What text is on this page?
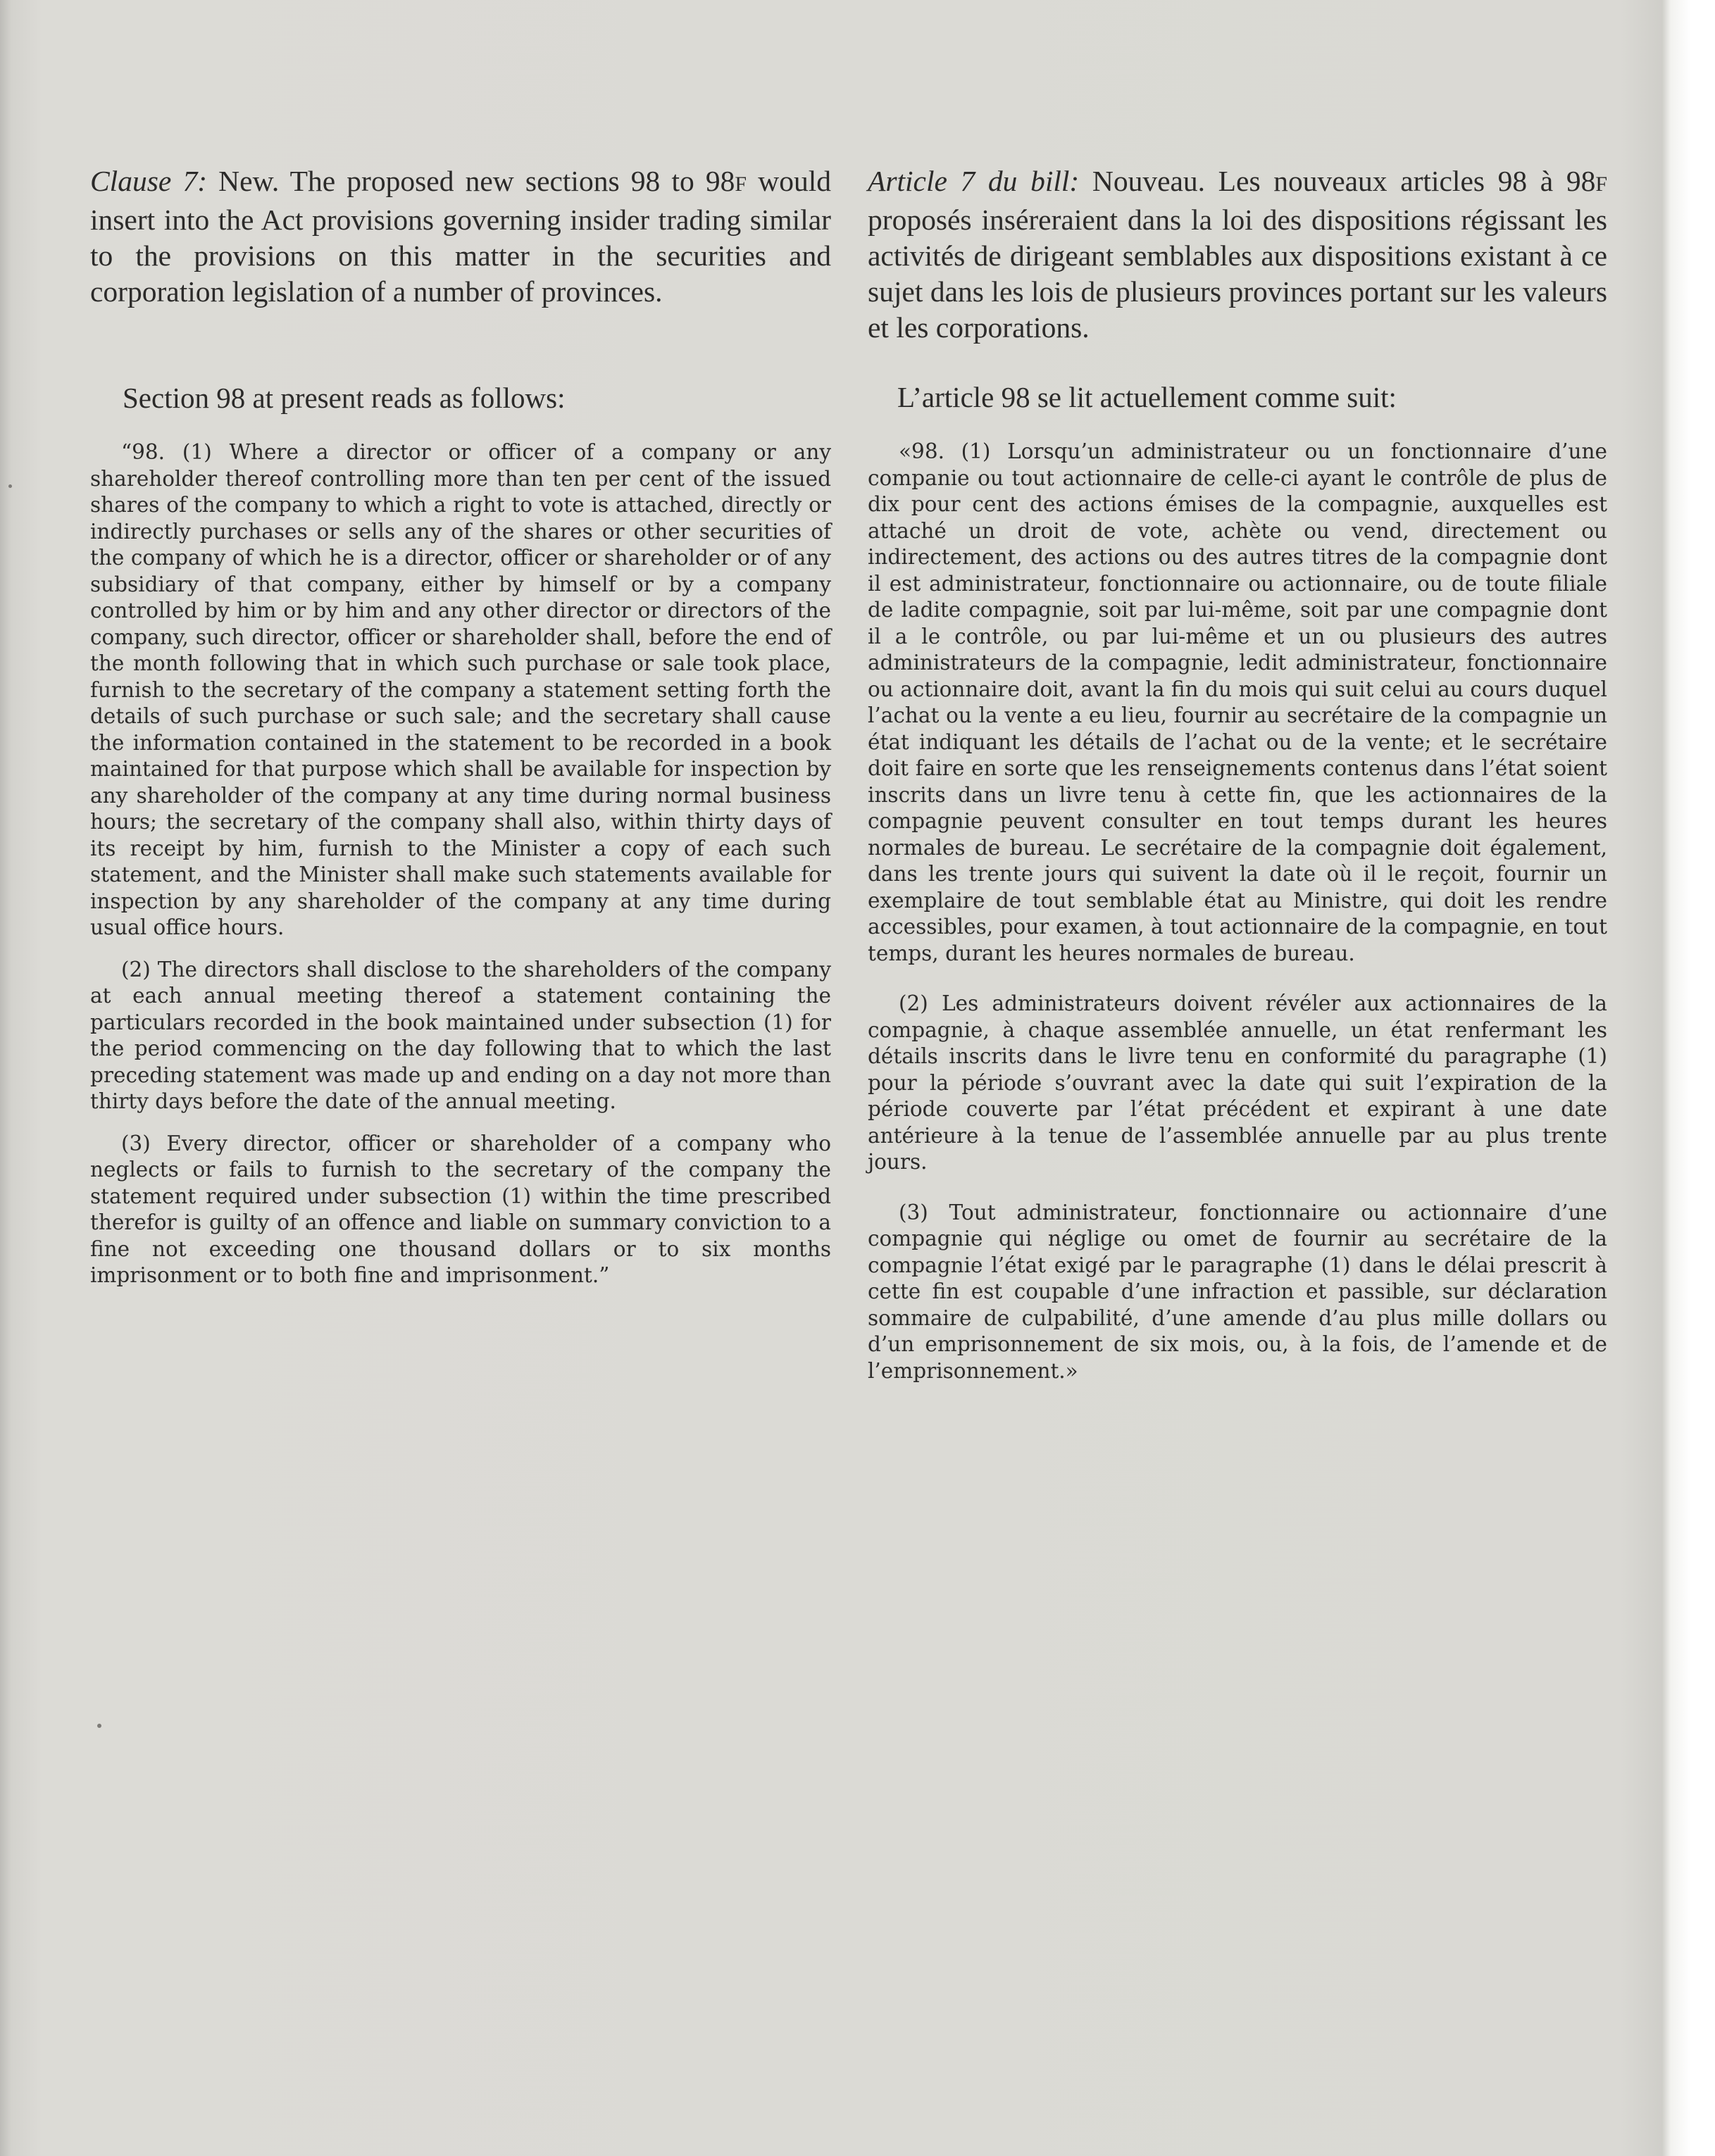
Clause 7: New. The proposed new sections 98 to 98F would insert into the Act provisions governing insider trading similar to the provisions on this matter in the securities and corporation legislation of a number of provinces.

Section 98 at present reads as follows:

“98. (1) Where a director or officer of a company or any shareholder thereof controlling more than ten per cent of the issued shares of the company to which a right to vote is attached, directly or indirectly purchases or sells any of the shares or other securities of the company of which he is a director, officer or shareholder or of any subsidiary of that company, either by himself or by a company controlled by him or by him and any other director or directors of the company, such director, officer or shareholder shall, before the end of the month following that in which such purchase or sale took place, furnish to the secretary of the company a statement setting forth the details of such purchase or such sale; and the secretary shall cause the information contained in the statement to be recorded in a book maintained for that purpose which shall be available for inspection by any shareholder of the company at any time during normal business hours; the secretary of the company shall also, within thirty days of its receipt by him, furnish to the Minister a copy of each such statement, and the Minister shall make such statements available for inspection by any shareholder of the company at any time during usual office hours.

(2) The directors shall disclose to the shareholders of the company at each annual meeting thereof a statement containing the particulars recorded in the book maintained under subsection (1) for the period commencing on the day following that to which the last preceding statement was made up and ending on a day not more than thirty days before the date of the annual meeting.

(3) Every director, officer or shareholder of a company who neglects or fails to furnish to the secretary of the company the statement required under subsection (1) within the time prescribed therefor is guilty of an offence and liable on summary conviction to a fine not exceeding one thousand dollars or to six months imprisonment or to both fine and imprisonment.”

Article 7 du bill: Nouveau. Les nouveaux articles 98 à 98F proposés inséreraient dans la loi des dispositions régissant les activités de dirigeant semblables aux dispositions existant à ce sujet dans les lois de plusieurs provinces portant sur les valeurs et les corporations.

L’article 98 se lit actuellement comme suit:

«98. (1) Lorsqu’un administrateur ou un fonctionnaire d’une companie ou tout actionnaire de celle-ci ayant le contrôle de plus de dix pour cent des actions émises de la compagnie, auxquelles est attaché un droit de vote, achète ou vend, directement ou indirectement, des actions ou des autres titres de la compagnie dont il est administrateur, fonctionnaire ou actionnaire, ou de toute filiale de ladite compagnie, soit par lui-même, soit par une compagnie dont il a le contrôle, ou par lui-même et un ou plusieurs des autres administrateurs de la compagnie, ledit administrateur, fonctionnaire ou actionnaire doit, avant la fin du mois qui suit celui au cours duquel l’achat ou la vente a eu lieu, fournir au secrétaire de la compagnie un état indiquant les détails de l’achat ou de la vente; et le secrétaire doit faire en sorte que les renseignements contenus dans l’état soient inscrits dans un livre tenu à cette fin, que les actionnaires de la compagnie peuvent consulter en tout temps durant les heures normales de bureau. Le secrétaire de la compagnie doit également, dans les trente jours qui suivent la date où il le reçoit, fournir un exemplaire de tout semblable état au Ministre, qui doit les rendre accessibles, pour examen, à tout actionnaire de la compagnie, en tout temps, durant les heures normales de bureau.

(2) Les administrateurs doivent révéler aux actionnaires de la compagnie, à chaque assemblée annuelle, un état renfermant les détails inscrits dans le livre tenu en conformité du paragraphe (1) pour la période s’ouvrant avec la date qui suit l’expiration de la période couverte par l’état précédent et expirant à une date antérieure à la tenue de l’assemblée annuelle par au plus trente jours.

(3) Tout administrateur, fonctionnaire ou actionnaire d’une compagnie qui néglige ou omet de fournir au secrétaire de la compagnie l’état exigé par le paragraphe (1) dans le délai prescrit à cette fin est coupable d’une infraction et passible, sur déclaration sommaire de culpabilité, d’une amende d’au plus mille dollars ou d’un emprisonnement de six mois, ou, à la fois, de l’amende et de l’emprisonnement.»
